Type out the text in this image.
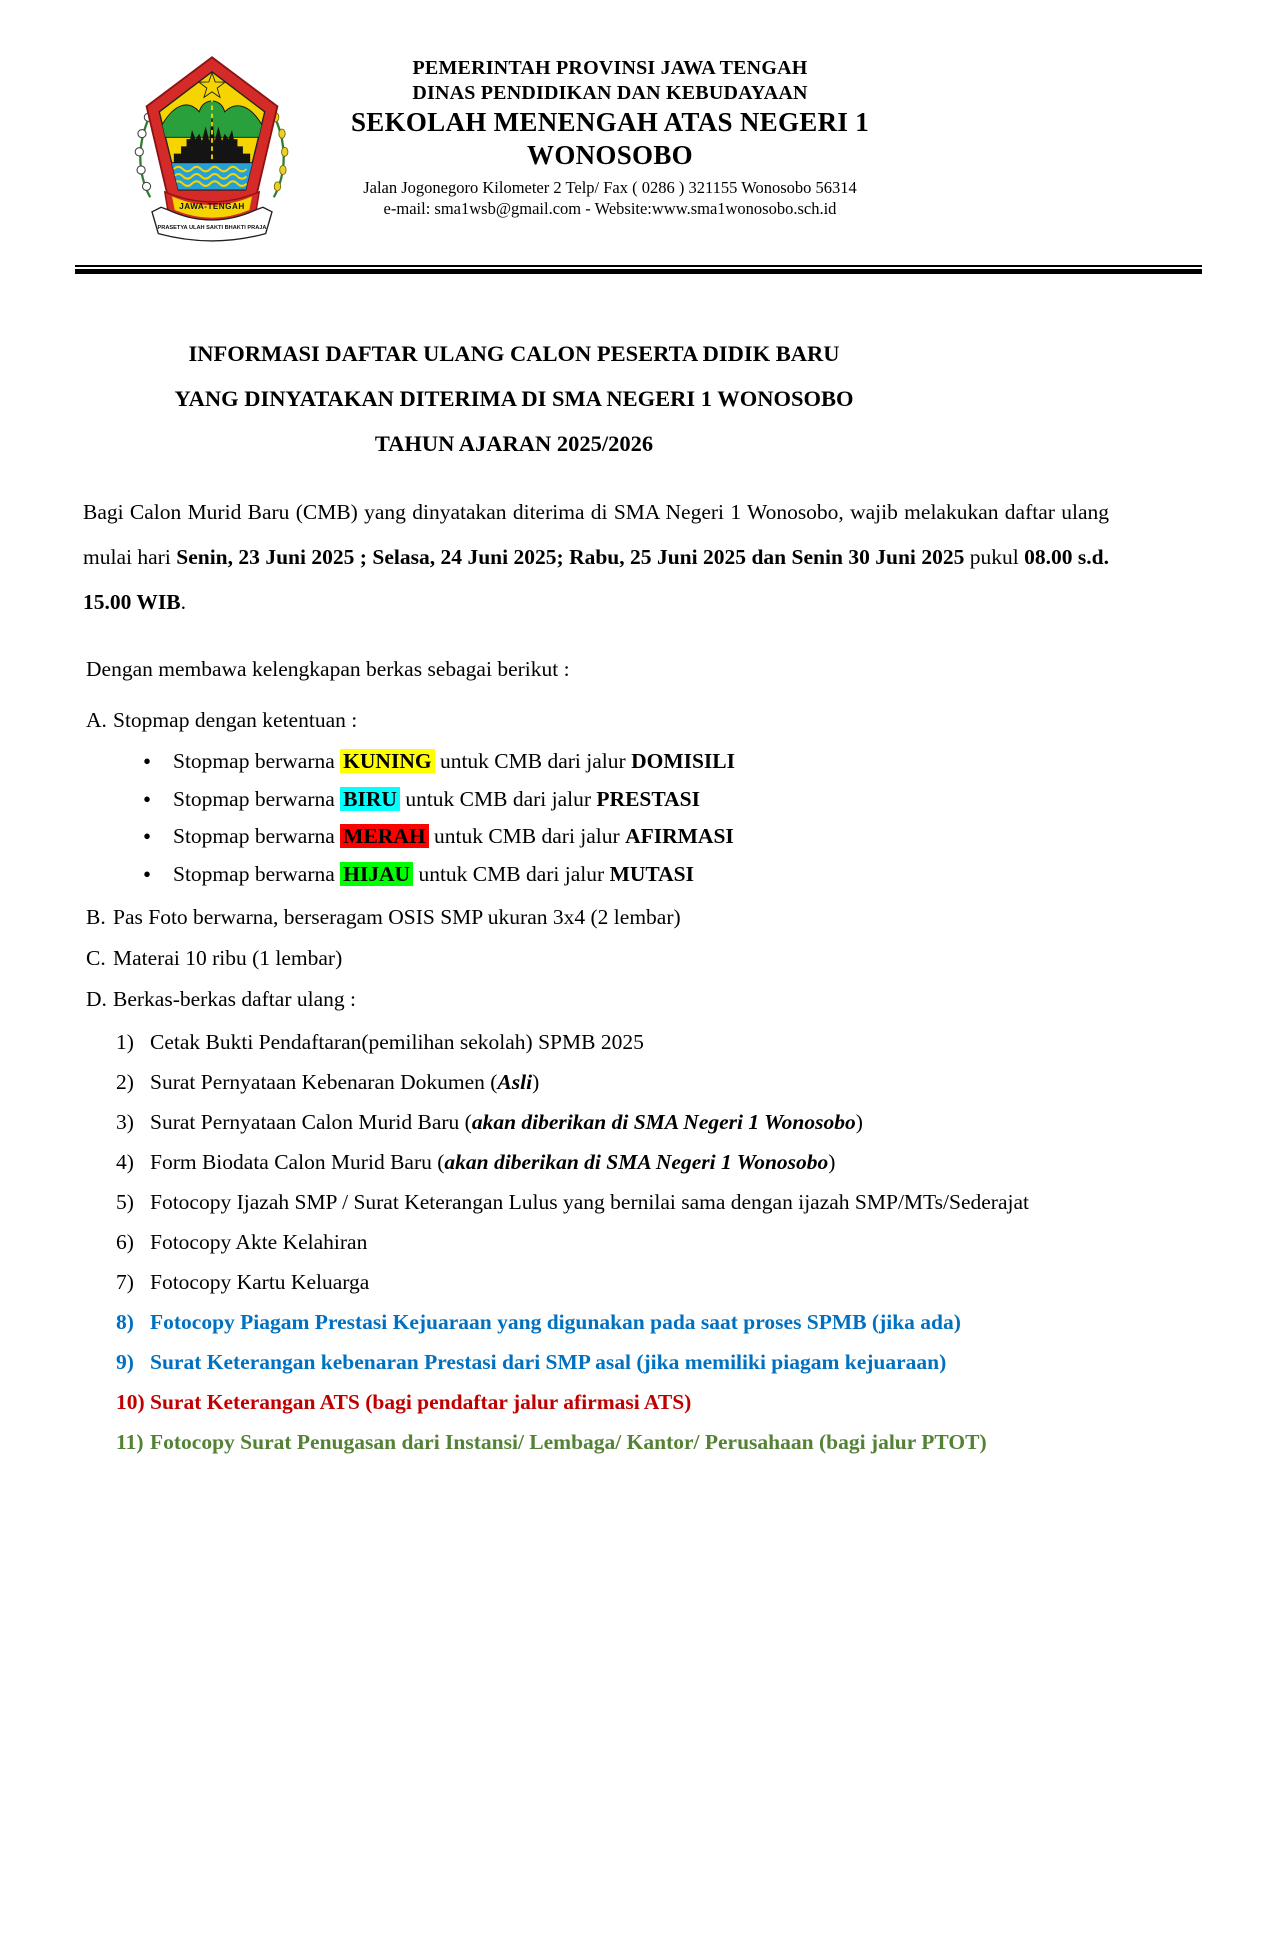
JAWA-TENGAH
PRASETYA ULAH SAKTI BHAKTI PRAJA
PEMERINTAH PROVINSI JAWA TENGAH
DINAS PENDIDIKAN DAN KEBUDAYAAN
SEKOLAH MENENGAH ATAS NEGERI 1
WONOSOBO
Jalan Jogonegoro Kilometer 2 Telp/ Fax ( 0286 ) 321155 Wonosobo 56314
e-mail: sma1wsb@gmail.com - Website:www.sma1wonosobo.sch.id
INFORMASI DAFTAR ULANG CALON PESERTA DIDIK BARU
YANG DINYATAKAN DITERIMA DI SMA NEGERI 1 WONOSOBO
TAHUN AJARAN 2025/2026

Bagi Calon Murid Baru (CMB) yang dinyatakan diterima di SMA Negeri 1 Wonosobo, wajib melakukan daftar ulang mulai hari Senin, 23 Juni 2025 ; Selasa, 24 Juni 2025; Rabu, 25 Juni 2025 dan Senin 30 Juni 2025 pukul 08.00 s.d. 15.00 WIB.

Dengan membawa kelengkapan berkas sebagai berikut :

A. Stopmap dengan ketentuan :
• Stopmap berwarna KUNING untuk CMB dari jalur DOMISILI
• Stopmap berwarna BIRU untuk CMB dari jalur PRESTASI
• Stopmap berwarna MERAH untuk CMB dari jalur AFIRMASI
• Stopmap berwarna HIJAU untuk CMB dari jalur MUTASI
B. Pas Foto berwarna, berseragam OSIS SMP ukuran 3x4 (2 lembar)
C. Materai 10 ribu (1 lembar)
D. Berkas-berkas daftar ulang :
1) Cetak Bukti Pendaftaran(pemilihan sekolah) SPMB 2025
2) Surat Pernyataan Kebenaran Dokumen (Asli)
3) Surat Pernyataan Calon Murid Baru (akan diberikan di SMA Negeri 1 Wonosobo)
4) Form Biodata Calon Murid Baru (akan diberikan di SMA Negeri 1 Wonosobo)
5) Fotocopy Ijazah SMP / Surat Keterangan Lulus yang bernilai sama dengan ijazah SMP/MTs/Sederajat
6) Fotocopy Akte Kelahiran
7) Fotocopy Kartu Keluarga
8) Fotocopy Piagam Prestasi Kejuaraan yang digunakan pada saat proses SPMB (jika ada)
9) Surat Keterangan kebenaran Prestasi dari SMP asal (jika memiliki piagam kejuaraan)
10) Surat Keterangan ATS (bagi pendaftar jalur afirmasi ATS)
11) Fotocopy Surat Penugasan dari Instansi/ Lembaga/ Kantor/ Perusahaan (bagi jalur PTOT)
